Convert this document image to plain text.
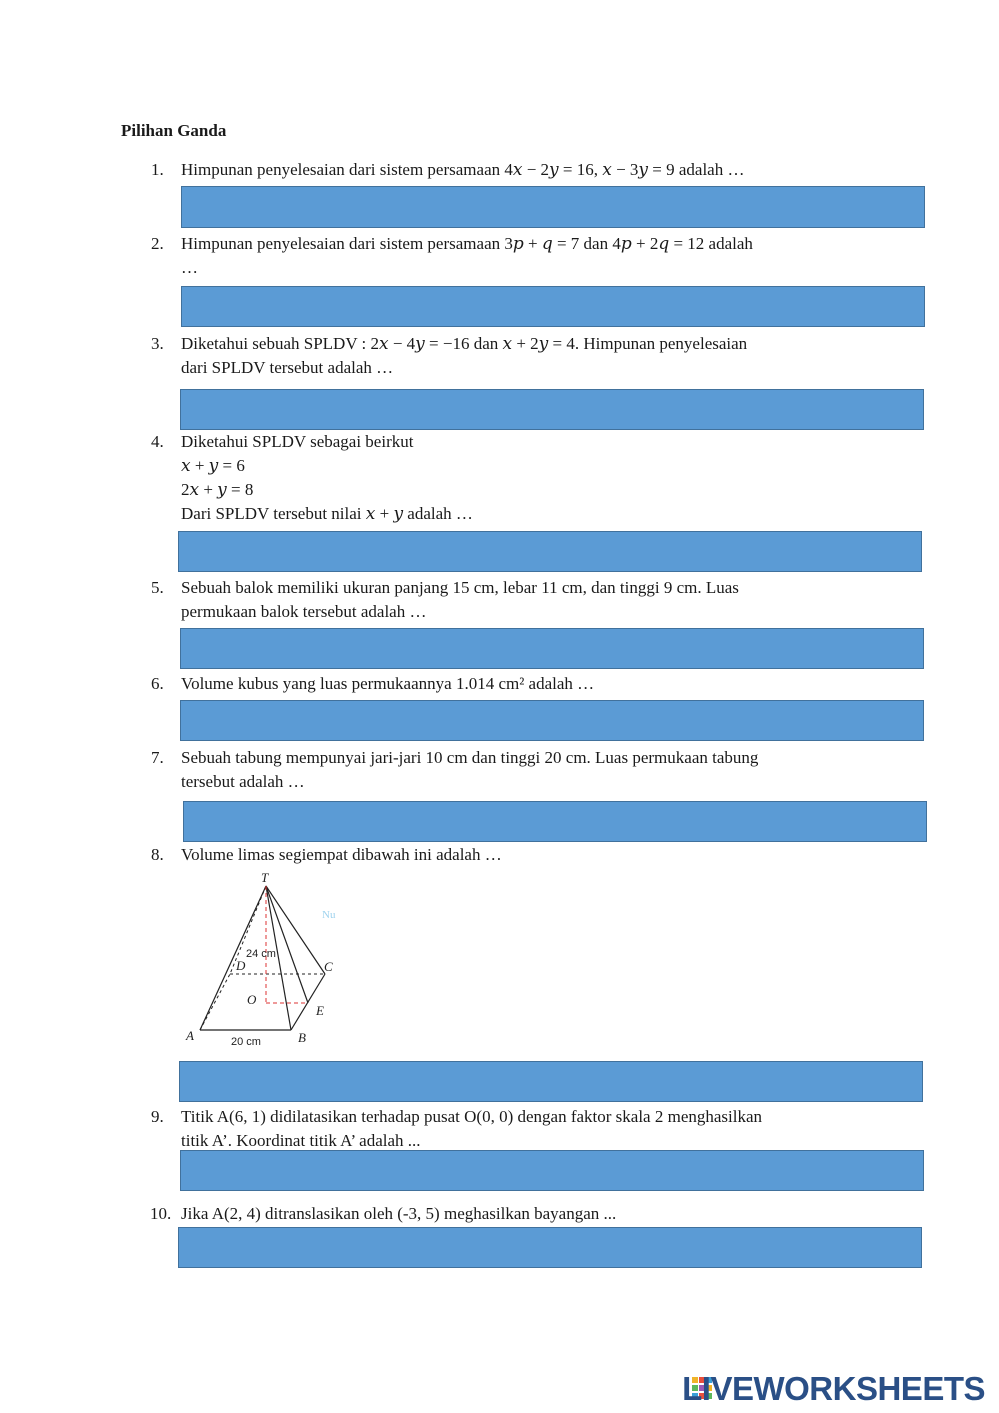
Pilihan Ganda
1.	Himpunan penyelesaian dari sistem persamaan 4𝑥 − 2𝑦 = 16, 𝑥 − 3𝑦 = 9 adalah …
2.	Himpunan penyelesaian dari sistem persamaan 3𝑝 + 𝑞 = 7 dan 4𝑝 + 2𝑞 = 12 adalah
…
3.	Diketahui sebuah SPLDV : 2𝑥 − 4𝑦 = −16 dan 𝑥 + 2𝑦 = 4. Himpunan penyelesaian
dari SPLDV tersebut adalah …
4.	Diketahui SPLDV sebagai beirkut
𝑥 + 𝑦 = 6
2𝑥 + 𝑦 = 8
Dari SPLDV tersebut nilai 𝑥 + 𝑦 adalah …
5.	Sebuah balok memiliki ukuran panjang 15 cm, lebar 11 cm, dan tinggi 9 cm. Luas
permukaan balok tersebut adalah …
6.	Volume kubus yang luas permukaannya 1.014 cm² adalah …
7.	Sebuah tabung mempunyai jari-jari 10 cm dan tinggi 20 cm. Luas permukaan tabung
tersebut adalah …
8.	Volume limas segiempat dibawah ini adalah …
T
D	C
O
E
A	B
24 cm
20 cm
Nu
9.	Titik A(6, 1) didilatasikan terhadap pusat O(0, 0) dengan faktor skala 2 menghasilkan
titik A’. Koordinat titik A’ adalah ...
10. Jika A(2, 4) ditranslasikan oleh (-3, 5) meghasilkan bayangan ...
LIVEWORKSHEETS
